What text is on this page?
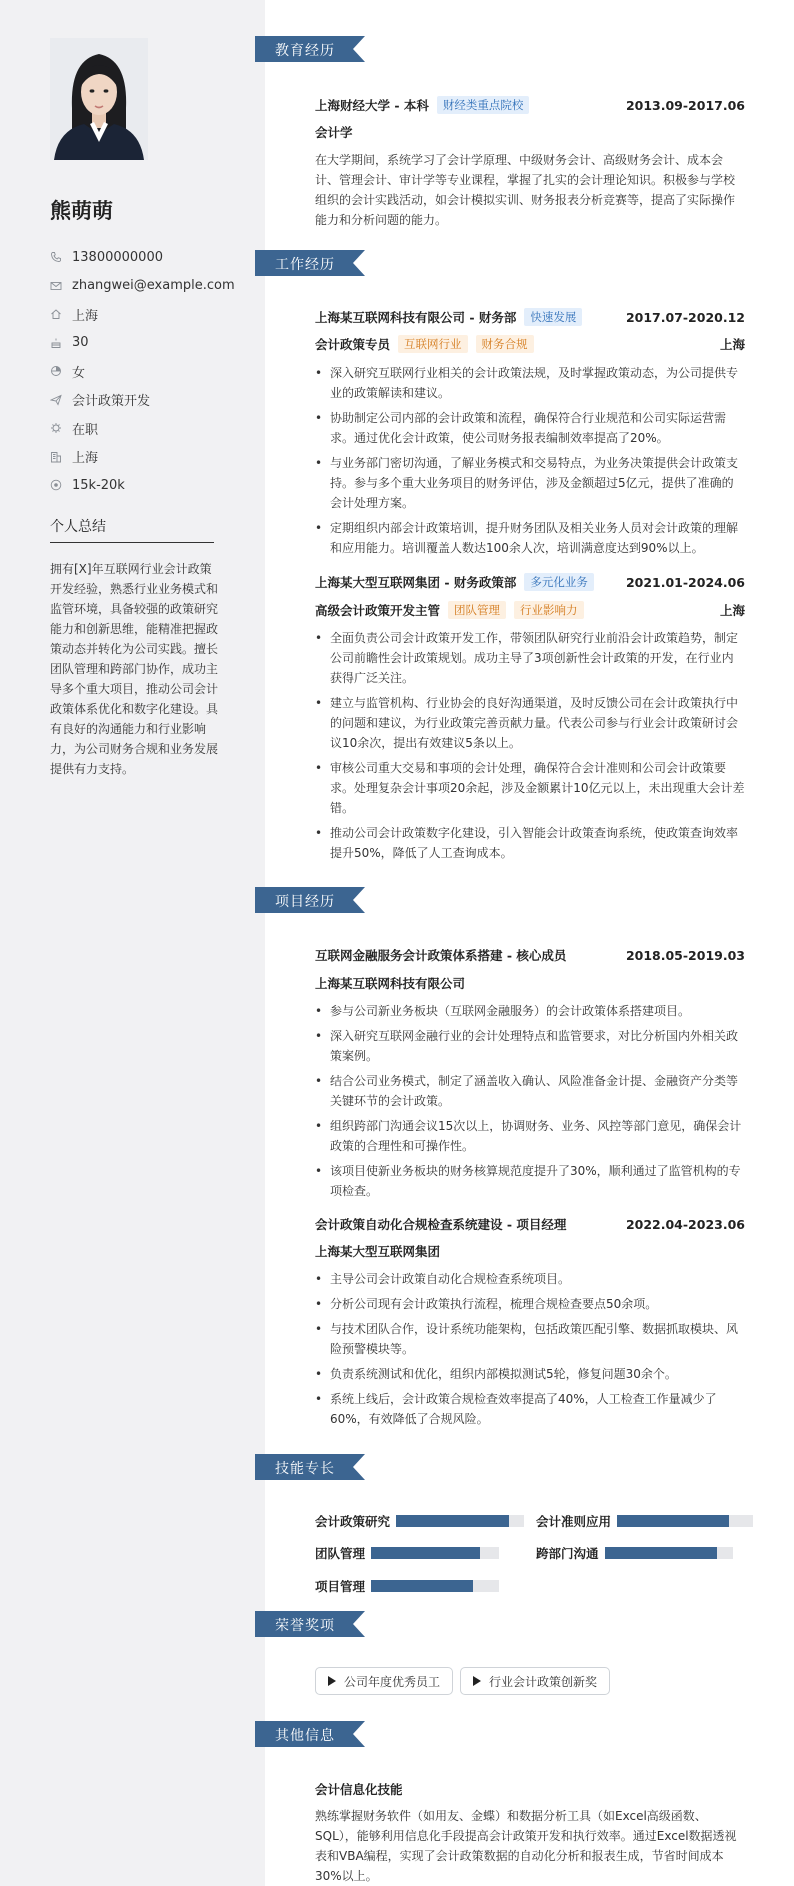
熊萌萌
13800000000
zhangwei@example.com
上海
30
女
会计政策开发
在职
上海
15k-20k
个人总结
拥有[X]年互联网行业会计政策开发经验，熟悉行业业务模式和监管环境，具备较强的政策研究能力和创新思维，能精准把握政策动态并转化为公司实践。擅长团队管理和跨部门协作，成功主导多个重大项目，推动公司会计政策体系优化和数字化建设。具有良好的沟通能力和行业影响力，为公司财务合规和业务发展提供有力支持。
教育经历
上海财经大学 - 本科	财经类重点院校	2013.09-2017.06
会计学

在大学期间，系统学习了会计学原理、中级财务会计、高级财务会计、成本会计、管理会计、审计学等专业课程，掌握了扎实的会计理论知识。积极参与学校组织的会计实践活动，如会计模拟实训、财务报表分析竞赛等，提高了实际操作能力和分析问题的能力。

工作经历
上海某互联网科技有限公司 - 财务部	快速发展	2017.07-2020.12
会计政策专员	互联网行业	财务合规	上海
• 深入研究互联网行业相关的会计政策法规，及时掌握政策动态，为公司提供专业的政策解读和建议。
• 协助制定公司内部的会计政策和流程，确保符合行业规范和公司实际运营需求。通过优化会计政策，使公司财务报表编制效率提高了20%。
• 与业务部门密切沟通，了解业务模式和交易特点，为业务决策提供会计政策支持。参与多个重大业务项目的财务评估，涉及金额超过5亿元，提供了准确的会计处理方案。
• 定期组织内部会计政策培训，提升财务团队及相关业务人员对会计政策的理解和应用能力。培训覆盖人数达100余人次，培训满意度达到90%以上。
上海某大型互联网集团 - 财务政策部	多元化业务	2021.01-2024.06
高级会计政策开发主管	团队管理	行业影响力	上海
• 全面负责公司会计政策开发工作，带领团队研究行业前沿会计政策趋势，制定公司前瞻性会计政策规划。成功主导了3项创新性会计政策的开发，在行业内获得广泛关注。
• 建立与监管机构、行业协会的良好沟通渠道，及时反馈公司在会计政策执行中的问题和建议，为行业政策完善贡献力量。代表公司参与行业会计政策研讨会议10余次，提出有效建议5条以上。
• 审核公司重大交易和事项的会计处理，确保符合会计准则和公司会计政策要求。处理复杂会计事项20余起，涉及金额累计10亿元以上，未出现重大会计差错。
• 推动公司会计政策数字化建设，引入智能会计政策查询系统，使政策查询效率提升50%，降低了人工查询成本。
项目经历
互联网金融服务会计政策体系搭建 - 核心成员	2018.05-2019.03
上海某互联网科技有限公司
• 参与公司新业务板块（互联网金融服务）的会计政策体系搭建项目。
• 深入研究互联网金融行业的会计处理特点和监管要求，对比分析国内外相关政策案例。
• 结合公司业务模式，制定了涵盖收入确认、风险准备金计提、金融资产分类等关键环节的会计政策。
• 组织跨部门沟通会议15次以上，协调财务、业务、风控等部门意见，确保会计政策的合理性和可操作性。
• 该项目使新业务板块的财务核算规范度提升了30%，顺利通过了监管机构的专项检查。
会计政策自动化合规检查系统建设 - 项目经理	2022.04-2023.06
上海某大型互联网集团
• 主导公司会计政策自动化合规检查系统项目。
• 分析公司现有会计政策执行流程，梳理合规检查要点50余项。
• 与技术团队合作，设计系统功能架构，包括政策匹配引擎、数据抓取模块、风险预警模块等。
• 负责系统测试和优化，组织内部模拟测试5轮，修复问题30余个。
• 系统上线后，会计政策合规检查效率提高了40%，人工检查工作量减少了60%，有效降低了合规风险。
技能专长
会计政策研究	会计准则应用
团队管理	跨部门沟通
项目管理
荣誉奖项
公司年度优秀员工	行业会计政策创新奖
其他信息
会计信息化技能

熟练掌握财务软件（如用友、金蝶）和数据分析工具（如Excel高级函数、SQL），能够利用信息化手段提高会计政策开发和执行效率。通过Excel数据透视表和VBA编程，实现了会计政策数据的自动化分析和报表生成，节省时间成本30%以上。
